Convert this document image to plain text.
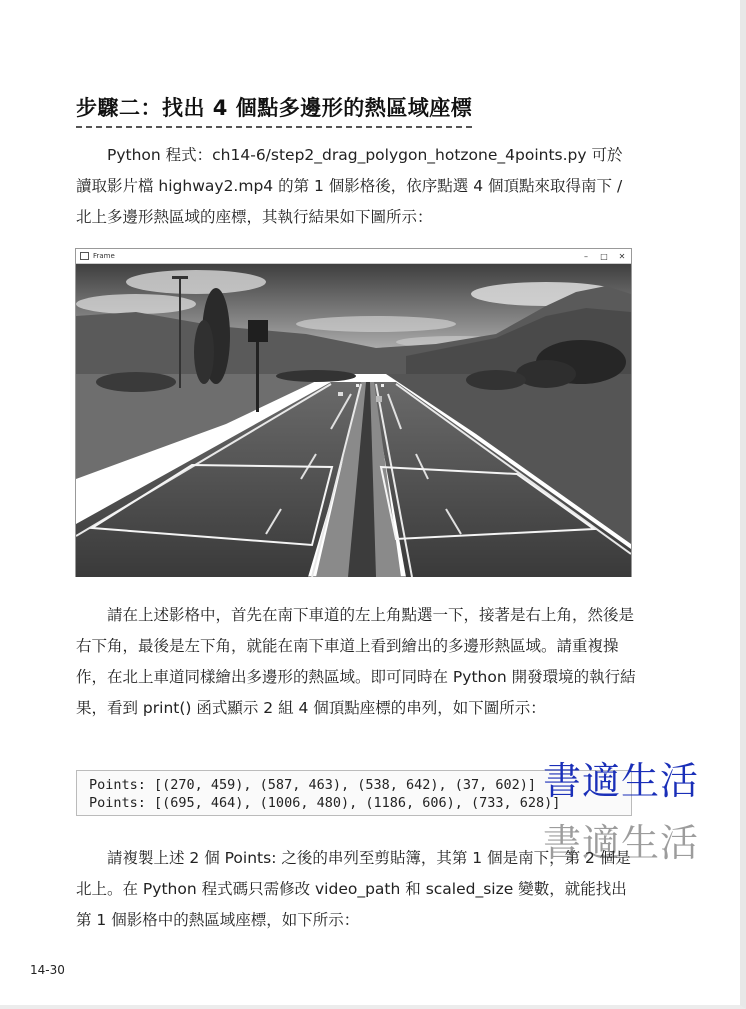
步驟二：找出 4 個點多邊形的熱區域座標

Python 程式：ch14-6/step2_drag_polygon_hotzone_4points.py 可於讀取影片檔 highway2.mp4 的第 1 個影格後，依序點選 4 個頂點來取得南下 / 北上多邊形熱區域的座標，其執行結果如下圖所示：

Frame	–	□	✕

請在上述影格中，首先在南下車道的左上角點選一下，接著是右上角，然後是右下角，最後是左下角，就能在南下車道上看到繪出的多邊形熱區域。請重複操作，在北上車道同樣繪出多邊形的熱區域。即可同時在 Python 開發環境的執行結果，看到 print() 函式顯示 2 組 4 個頂點座標的串列，如下圖所示：

Points: [(270, 459), (587, 463), (538, 642), (37, 602)]
Points: [(695, 464), (1006, 480), (1186, 606), (733, 628)]
書適生活
書適生活

請複製上述 2 個 Points: 之後的串列至剪貼簿，其第 1 個是南下，第 2 個是北上。在 Python 程式碼只需修改 video_path 和 scaled_size 變數，就能找出第 1 個影格中的熱區域座標，如下所示：

14-30
